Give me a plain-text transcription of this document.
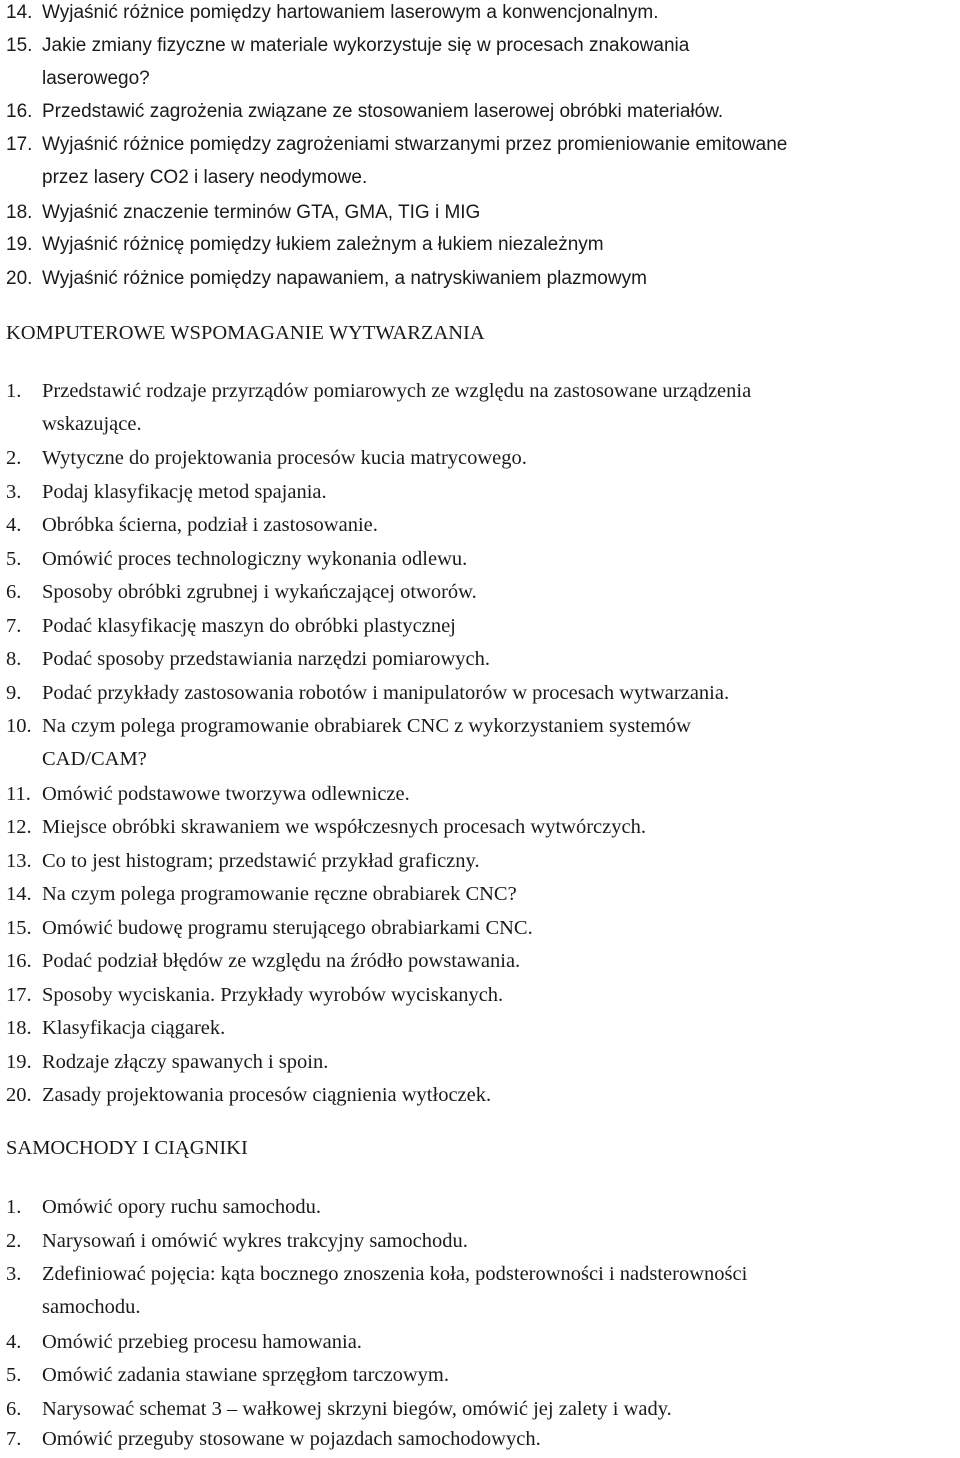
14. Wyjaśnić różnice pomiędzy hartowaniem laserowym a konwencjonalnym.
15. Jakie zmiany fizyczne w materiale wykorzystuje się w procesach znakowania
laserowego?
16. Przedstawić zagrożenia związane ze stosowaniem laserowej obróbki materiałów.
17. Wyjaśnić różnice pomiędzy zagrożeniami stwarzanymi przez promieniowanie emitowane
przez lasery CO2 i lasery neodymowe.
18. Wyjaśnić znaczenie terminów GTA, GMA, TIG i MIG
19. Wyjaśnić różnicę pomiędzy łukiem zależnym a łukiem niezależnym
20. Wyjaśnić różnice pomiędzy napawaniem, a natryskiwaniem plazmowym
KOMPUTEROWE WSPOMAGANIE WYTWARZANIA
1. Przedstawić rodzaje przyrządów pomiarowych ze względu na zastosowane urządzenia
wskazujące.
2. Wytyczne do projektowania procesów kucia matrycowego.
3. Podaj klasyfikację metod spajania.
4. Obróbka ścierna, podział i zastosowanie.
5. Omówić proces technologiczny wykonania odlewu.
6. Sposoby obróbki zgrubnej i wykańczającej otworów.
7. Podać klasyfikację maszyn do obróbki plastycznej
8. Podać sposoby przedstawiania narzędzi pomiarowych.
9. Podać przykłady zastosowania robotów i manipulatorów w procesach wytwarzania.
10. Na czym polega programowanie obrabiarek CNC z wykorzystaniem systemów
CAD/CAM?
11. Omówić podstawowe tworzywa odlewnicze.
12. Miejsce obróbki skrawaniem we współczesnych procesach wytwórczych.
13. Co to jest histogram; przedstawić przykład graficzny.
14. Na czym polega programowanie ręczne obrabiarek CNC?
15. Omówić budowę programu sterującego obrabiarkami CNC.
16. Podać podział błędów ze względu na źródło powstawania.
17. Sposoby wyciskania. Przykłady wyrobów wyciskanych.
18. Klasyfikacja ciągarek.
19. Rodzaje złączy spawanych i spoin.
20. Zasady projektowania procesów ciągnienia wytłoczek.
SAMOCHODY I CIĄGNIKI
1. Omówić opory ruchu samochodu.
2. Narysowań i omówić wykres trakcyjny samochodu.
3. Zdefiniować pojęcia: kąta bocznego znoszenia koła, podsterowności i nadsterowności
samochodu.
4. Omówić przebieg procesu hamowania.
5. Omówić zadania stawiane sprzęgłom tarczowym.
6. Narysować schemat 3 – wałkowej skrzyni biegów, omówić jej zalety i wady.
7. Omówić przeguby stosowane w pojazdach samochodowych.
